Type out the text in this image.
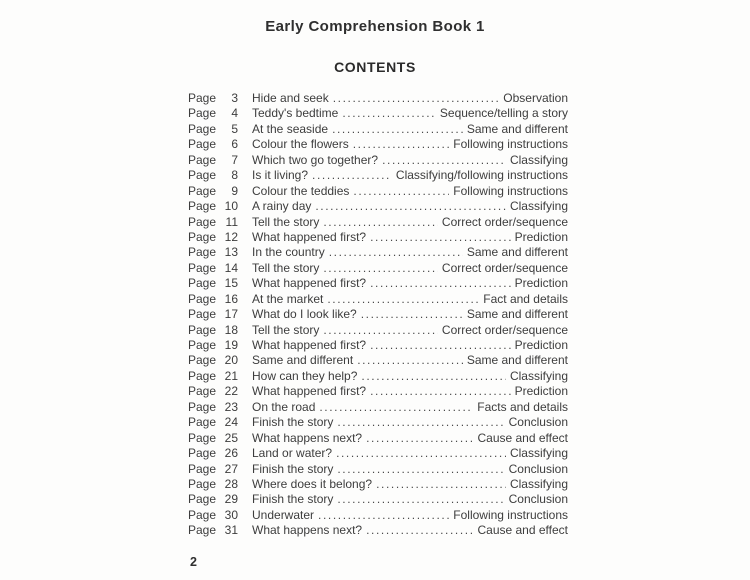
Early Comprehension Book 1
CONTENTS
Page	3 Hide and seek .....	Observation
Page	4 Teddy's bedtime .....	Sequence/telling a story
Page	5 At the seaside .....	Same and different
Page	6 Colour the flowers .....	Following instructions
Page	7 Which two go together? .....	Classifying
Page	8 Is it living? .....	Classifying/following instructions
Page	9 Colour the teddies .....	Following instructions
Page 10 A rainy day .....	Classifying
Page 11 Tell the story .....	Correct order/sequence
Page 12 What happened first? .....	Prediction
Page 13 In the country .....	Same and different
Page 14 Tell the story .....	Correct order/sequence
Page 15 What happened first? .....	Prediction
Page 16 At the market .....	Fact and details
Page 17 What do I look like? .....	Same and different
Page 18 Tell the story .....	Correct order/sequence
Page 19 What happened first? .....	Prediction
Page 20 Same and different .....	Same and different
Page 21 How can they help? .....	Classifying
Page 22 What happened first? .....	Prediction
Page 23 On the road .....	Facts and details
Page 24 Finish the story .....	Conclusion
Page 25 What happens next? .....	Cause and effect
Page 26 Land or water? .....	Classifying
Page 27 Finish the story .....	Conclusion
Page 28 Where does it belong? .....	Classifying
Page 29 Finish the story .....	Conclusion
Page 30 Underwater .....	Following instructions
Page 31 What happens next? .....	Cause and effect
2
